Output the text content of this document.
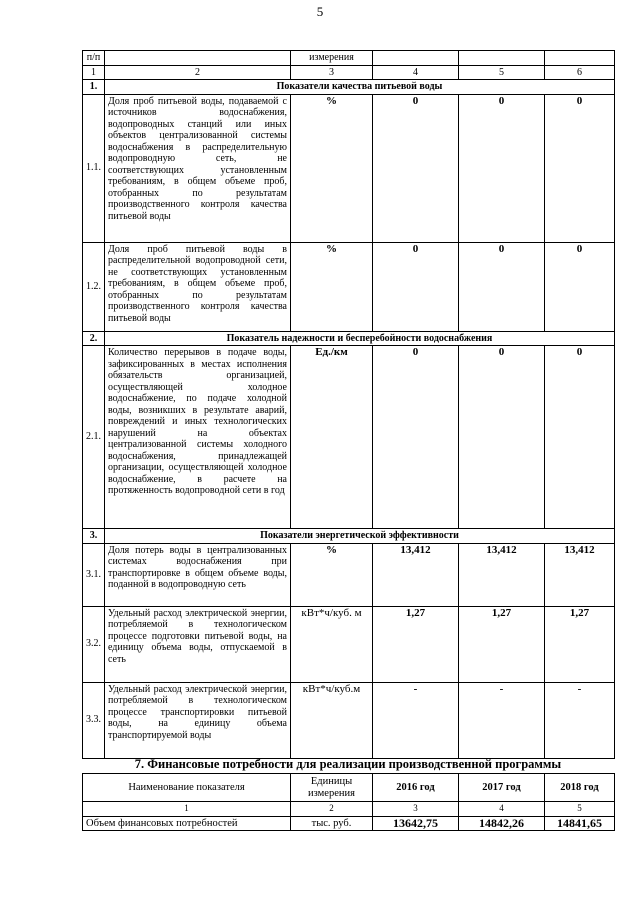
5
п/п		измерения			
1	2	3	4	5	6
1.	Показатели качества питьевой воды				
1.1.	Доля проб питьевой воды, подаваемой с источников водоснабжения, водопроводных станций или иных объектов централизованной системы водоснабжения в распределительную водопроводную сеть, не соответствующих установленным требованиям, в общем объеме проб, отобранных по результатам производственного контроля качества питьевой воды	%	0	0	0
1.2.	Доля проб питьевой воды в распределительной водопроводной сети, не соответствующих установленным требованиям, в общем объеме проб, отобранных по результатам производственного контроля качества питьевой воды	%	0	0	0
2.	Показатель надежности и бесперебойности водоснабжения				
2.1.	Количество перерывов в подаче воды, зафиксированных в местах исполнения обязательств организацией, осуществляющей холодное водоснабжение, по подаче холодной воды, возникших в результате аварий, повреждений и иных технологических нарушений на объектах централизованной системы холодного водоснабжения, принадлежащей организации, осуществляющей холодное водоснабжение, в расчете на протяженность водопроводной сети в год	Ед./км	0	0	0
3.	Показатели энергетической эффективности				
3.1.	Доля потерь воды в централизованных системах водоснабжения при транспортировке в общем объеме воды, поданной в водопроводную сеть	%	13,412	13,412	13,412
3.2.	Удельный расход электрической энергии, потребляемой в технологическом процессе подготовки питьевой воды, на единицу объема воды, отпускаемой в сеть	кВт*ч/куб. м	1,27	1,27	1,27
3.3.	Удельный расход электрической энергии, потребляемой в технологическом процессе транспортировки питьевой воды, на единицу объема транспортируемой воды	кВт*ч/куб.м	-	-	-
7. Финансовые потребности для реализации производственной программы
Наименование показателя	Единицы измерения	2016 год	2017 год	2018 год
1	2	3	4	5
Объем финансовых потребностей	тыс. руб.	13642,75	14842,26	14841,65
